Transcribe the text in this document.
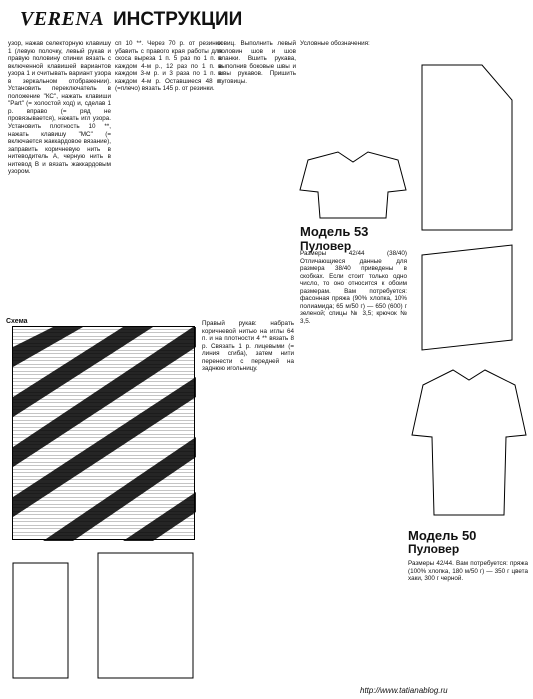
VERENA ИНСТРУКЦИИ
узор, нажав селекторную клавишу 1 (левую полочку, левый рукав и правую половину спинки вязать с включенной клавишей вариантов узора 1 и считывать вариант узора в зеркальном отображении). Установить переключатель в положение "КС", нажать клавиши "Part" (= холостой ход) и, сделав 1 р. вправо (= ряд не провязывается), нажать игл узора. Установить плотность 10 **, нажать клавишу "МС" (= включается жаккардовое вязание), заправить коричневую нить в нитеводитель А, черную нить в нитевод В и вязать жаккардовым узором.
сп 10 **. Через 70 р. от резинки убавить с правого края работы для скоса выреза 1 п. 5 раз по 1 п. в каждом 4-м р., 12 раз по 1 п. в каждом 3-м р. и 3 раза по 1 п. в каждом 4-м р. Оставшиеся 48 п. (=плечо) вязать 145 р. от резинки.
говиц. Выполнить левый половин шов и шов планки. Вшить рукава, выполнив боковые швы и швы рукавов. Пришить пуговицы.
Условные обозначения:
Размеры 42/44 (38/40) Отличающиеся данные для размера 38/40 приведены в скобках. Если стоит только одно число, то оно относится к обоим размерам. Вам потребуется: фасонная пряжа (90% хлопка, 10% полиамида; 65 м/50 г) — 650 (600) г зеленой; спицы № 3,5; крючок № 3,5.
Правый рукав: набрать коричневой нитью на иглы 64 п. и на плотности 4 ** вязать 8 р. Связать 1 р. лицевыми (= линия сгиба), затем нити перенести с передней на заднюю игольницу.
Размеры 42/44. Вам потребуется: пряжа (100% хлопка, 180 м/50 г) — 350 г цвета хаки, 300 г черной.
Схема
Модель 53
Пуловер
Модель 50
Пуловер
http://www.tatianablog.ru
